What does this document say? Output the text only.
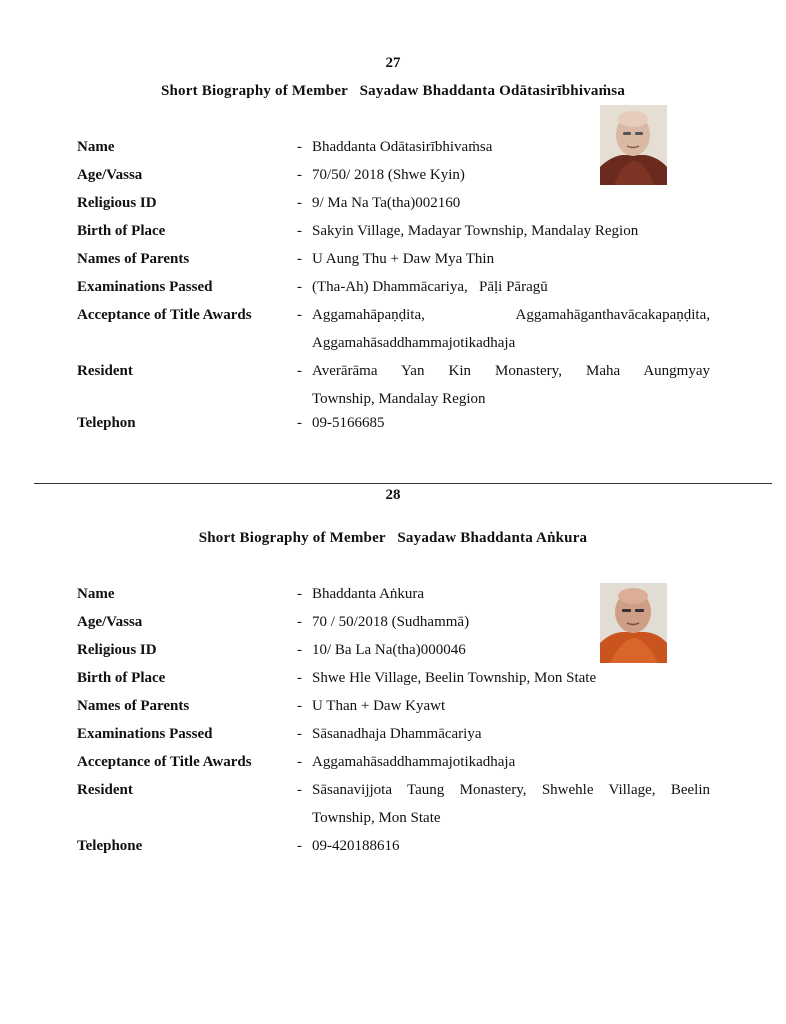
27
Short Biography of Member Sayadaw Bhaddanta Odātasirībhivaṁsa
Name	- Bhaddanta Odātasirībhivaṁsa
Age/Vassa	- 70/50/ 2018 (Shwe Kyin)
Religious ID	- 9/ Ma Na Ta(tha)002160
Birth of Place	- Sakyin Village, Madayar Township, Mandalay Region
Names of Parents	- U Aung Thu + Daw Mya Thin
Examinations Passed	- (Tha-Ah) Dhammācariya,   Pāḷi Pāragū
Acceptance of Title Awards	- Aggamahāpaṇḍita, Aggamahāganthavācakapaṇḍita,
Aggamahāsaddhammajotikadhaja
Resident	- Averārāma Yan Kin Monastery, Maha Aungmyay
Township, Mandalay Region
Telephon	- 09-5166685
28
Short Biography of Member Sayadaw Bhaddanta Aṅkura
Name	- Bhaddanta Aṅkura
Age/Vassa	- 70 / 50/2018 (Sudhammā)
Religious ID	- 10/ Ba La Na(tha)000046
Birth of Place	- Shwe Hle Village, Beelin Township, Mon State
Names of Parents	- U Than + Daw Kyawt
Examinations Passed	- Sāsanadhaja Dhammācariya
Acceptance of Title Awards	- Aggamahāsaddhammajotikadhaja
Resident	- Sāsanavijjota Taung Monastery, Shwehle Village, Beelin
Township, Mon State
Telephone	- 09-420188616
